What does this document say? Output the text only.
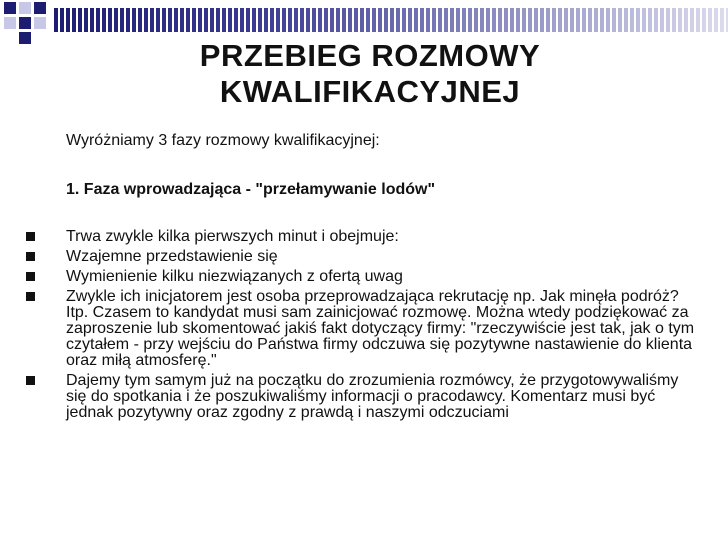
PRZEBIEG ROZMOWY
KWALIFIKACYJNEJ

Wyróżniamy 3 fazy rozmowy kwalifikacyjnej:

1. Faza wprowadzająca - "przełamywanie lodów"

Trwa zwykle kilka pierwszych minut i obejmuje:
Wzajemne przedstawienie się
Wymienienie kilku niezwiązanych z ofertą uwag
Zwykle ich inicjatorem jest osoba przeprowadzająca rekrutację np. Jak minęła podróż? Itp. Czasem to kandydat musi sam zainicjować rozmowę. Można wtedy podziękować za zaproszenie lub skomentować jakiś fakt dotyczący firmy: "rzeczywiście jest tak, jak o tym czytałem - przy wejściu do Państwa firmy odczuwa się pozytywne nastawienie do klienta oraz miłą atmosferę."
Dajemy tym samym już na początku do zrozumienia rozmówcy, że przygotowywaliśmy się do spotkania i że poszukiwaliśmy informacji o pracodawcy. Komentarz musi być jednak pozytywny oraz zgodny z prawdą i naszymi odczuciami
